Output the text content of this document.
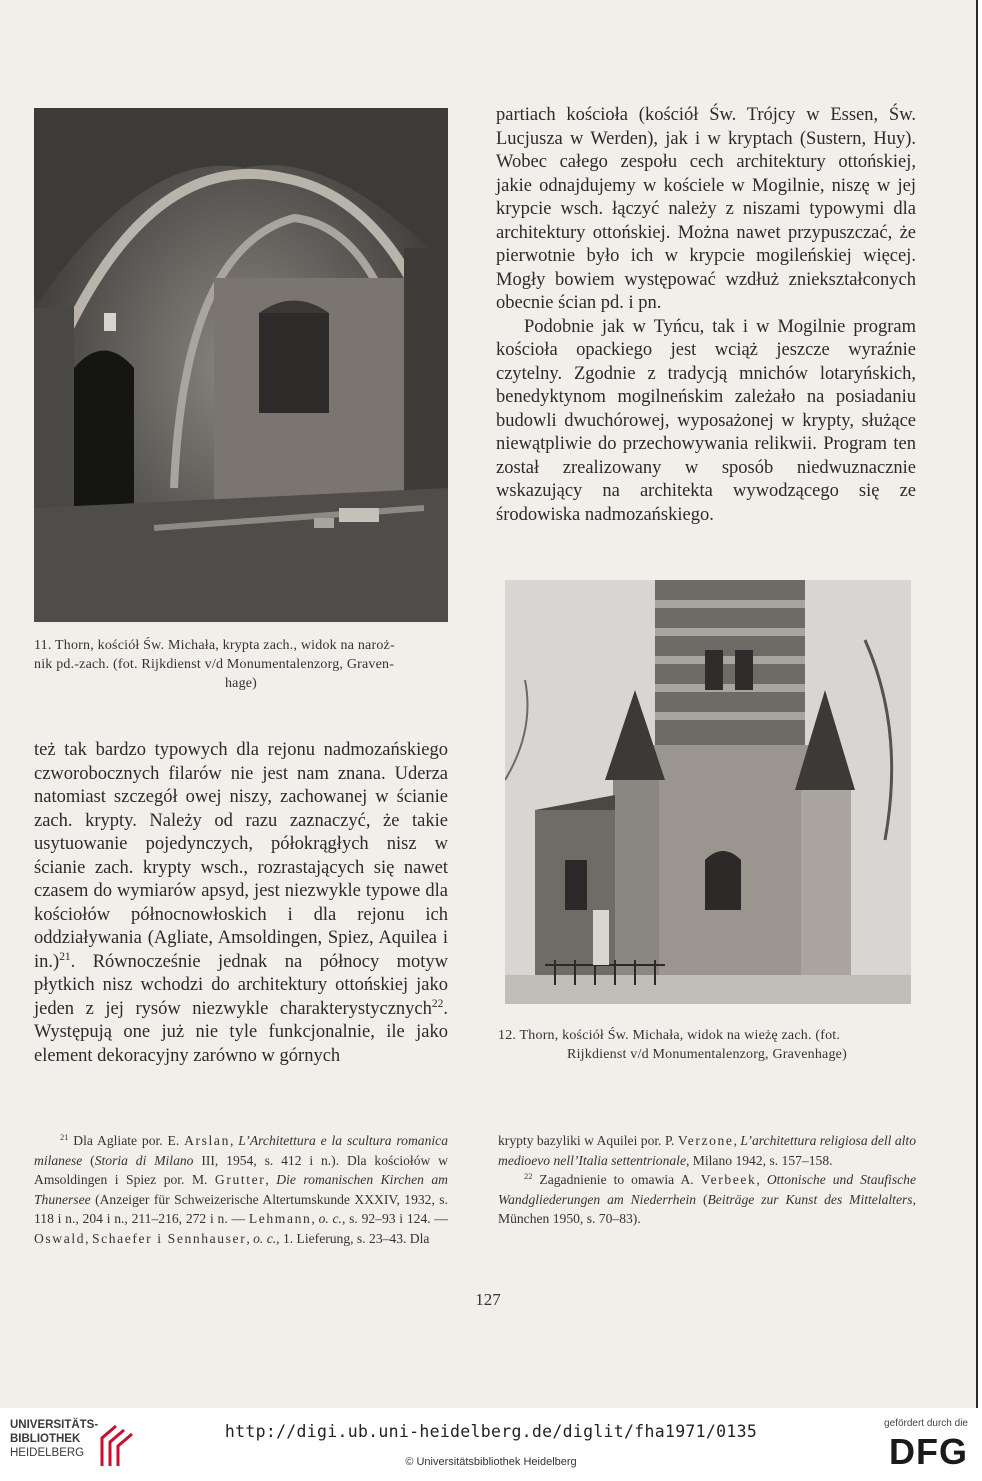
11. Thorn, kościół Św. Michała, krypta zach., widok na naroż-
nik pd.-zach. (fot. Rijkdienst v/d Monumentalenzorg, Graven-
hage)

partiach kościoła (kościół Św. Trójcy w Essen, Św. Lucjusza w Werden), jak i w kryptach (Sustern, Huy). Wobec całego zespołu cech architektury ottońskiej, jakie odnajdujemy w kościele w Mogilnie, niszę w jej krypcie wsch. łączyć należy z niszami typowymi dla architektury ottońskiej. Można nawet przypuszczać, że pierwotnie było ich w krypcie mogileńskiej więcej. Mogły bowiem występować wzdłuż zniekształconych obecnie ścian pd. i pn.

Podobnie jak w Tyńcu, tak i w Mogilnie program kościoła opackiego jest wciąż jeszcze wyraźnie czytelny. Zgodnie z tradycją mnichów lotaryńskich, benedyktynom mogilneńskim zależało na posiadaniu budowli dwuchórowej, wyposażonej w krypty, służące niewątpliwie do przechowywania relikwii. Program ten został zrealizowany w sposób niedwuznacznie wskazujący na architekta wywodzącego się ze środowiska nadmozańskiego.

12. Thorn, kościół Św. Michała, widok na wieżę zach. (fot.
Rijkdienst v/d Monumentalenzorg, Gravenhage)

też tak bardzo typowych dla rejonu nadmozańskiego czworobocznych filarów nie jest nam znana. Uderza natomiast szczegół owej niszy, zachowanej w ścianie zach. krypty. Należy od razu zaznaczyć, że takie usytuowanie pojedynczych, półokrągłych nisz w ścianie zach. krypty wsch., rozrastających się nawet czasem do wymiarów apsyd, jest niezwykle typowe dla kościołów północnowłoskich i dla rejonu ich oddziaływania (Agliate, Amsoldingen, Spiez, Aquilea i in.)$^{21}$. Równocześnie jednak na północy motyw płytkich nisz wchodzi do architektury ottońskiej jako jeden z jej rysów niezwykle charakterystycznych$^{22}$. Występują one już nie tyle funkcjonalnie, ile jako element dekoracyjny zarówno w górnych

$^{21}$ Dla Agliate por. E. Arslan, L’Architettura e la scultura romanica milanese (Storia di Milano III, 1954, s. 412 i n.). Dla kościołów w Amsoldingen i Spiez por. M. Grutter, Die romanischen Kirchen am Thunersee (Anzeiger für Schweizerische Altertumskunde XXXIV, 1932, s. 118 i n., 204 i n., 211–216, 272 i n. — Lehmann, o. c., s. 92–93 i 124. — Oswald, Schaefer i Sennhauser, o. c., 1. Lieferung, s. 23–43. Dla

krypty bazyliki w Aquilei por. P. Verzone, L’architettura religiosa dell alto medioevo nell’Italia settentrionale, Milano 1942, s. 157–158.

$^{22}$ Zagadnienie to omawia A. Verbeek, Ottonische und Staufische Wandgliederungen am Niederrhein (Beiträge zur Kunst des Mittelalters, München 1950, s. 70–83).

127
UNIVERSITÄTS-
BIBLIOTHEK
HEIDELBERG
http://digi.ub.uni-heidelberg.de/diglit/fha1971/0135
© Universitätsbibliothek Heidelberg
gefördert durch die
DFG
